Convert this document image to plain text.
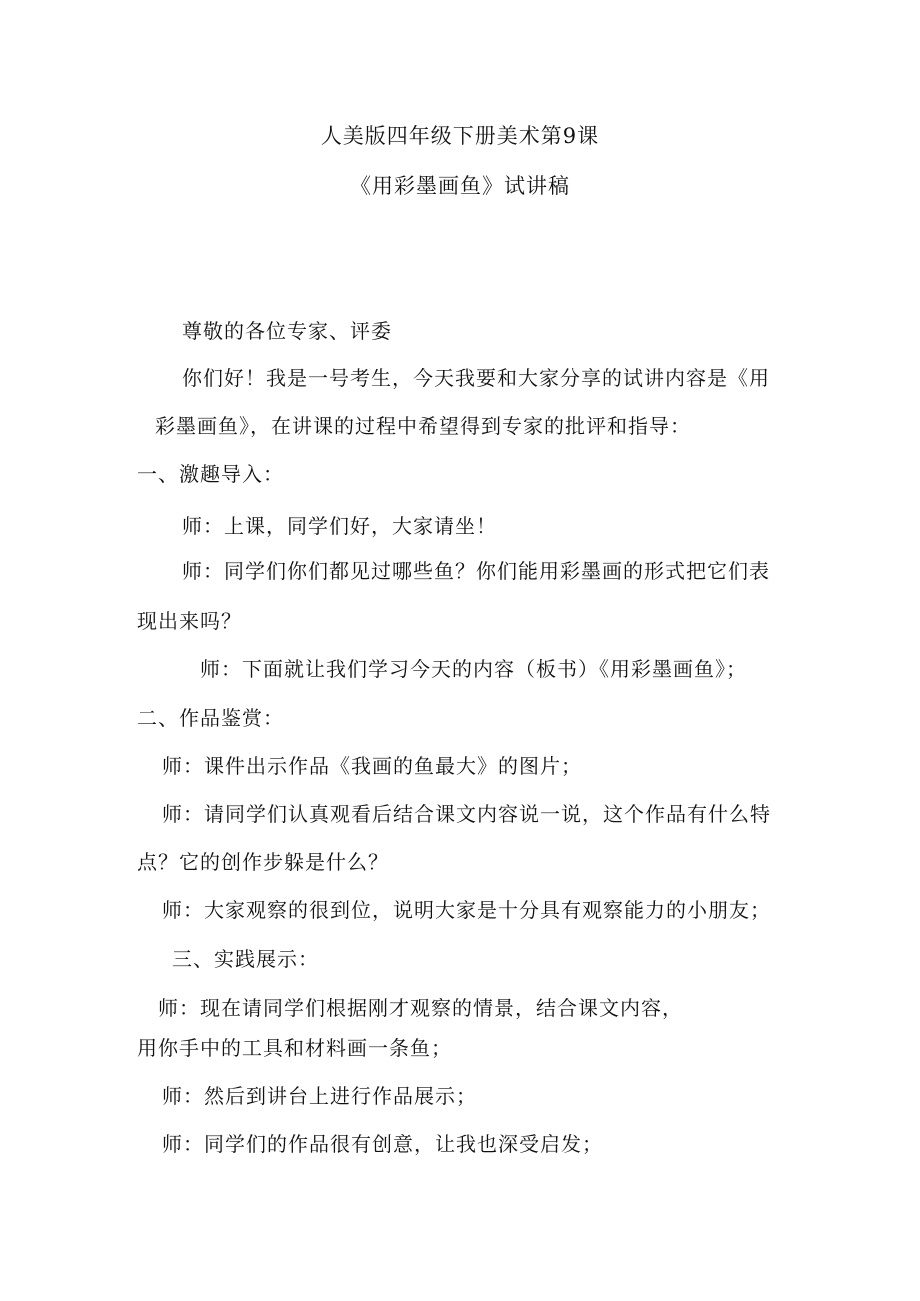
人美版四年级下册美术第9课
《用彩墨画鱼》试讲稿
尊敬的各位专家、评委
你们好！我是一号考生，今天我要和大家分享的试讲内容是《用
彩墨画鱼》，在讲课的过程中希望得到专家的批评和指导：
一、激趣导入：
师：上课，同学们好，大家请坐！
师：同学们你们都见过哪些鱼？你们能用彩墨画的形式把它们表
现出来吗？
师：下面就让我们学习今天的内容（板书）《用彩墨画鱼》；
二、作品鉴赏：
师：课件出示作品《我画的鱼最大》的图片；
师：请同学们认真观看后结合课文内容说一说，这个作品有什么特
点？它的创作步躲是什么？
师：大家观察的很到位，说明大家是十分具有观察能力的小朋友；
三、实践展示：
师：现在请同学们根据刚才观察的情景，结合课文内容，
用你手中的工具和材料画一条鱼；
师：然后到讲台上进行作品展示；
师：同学们的作品很有创意，让我也深受启发；
